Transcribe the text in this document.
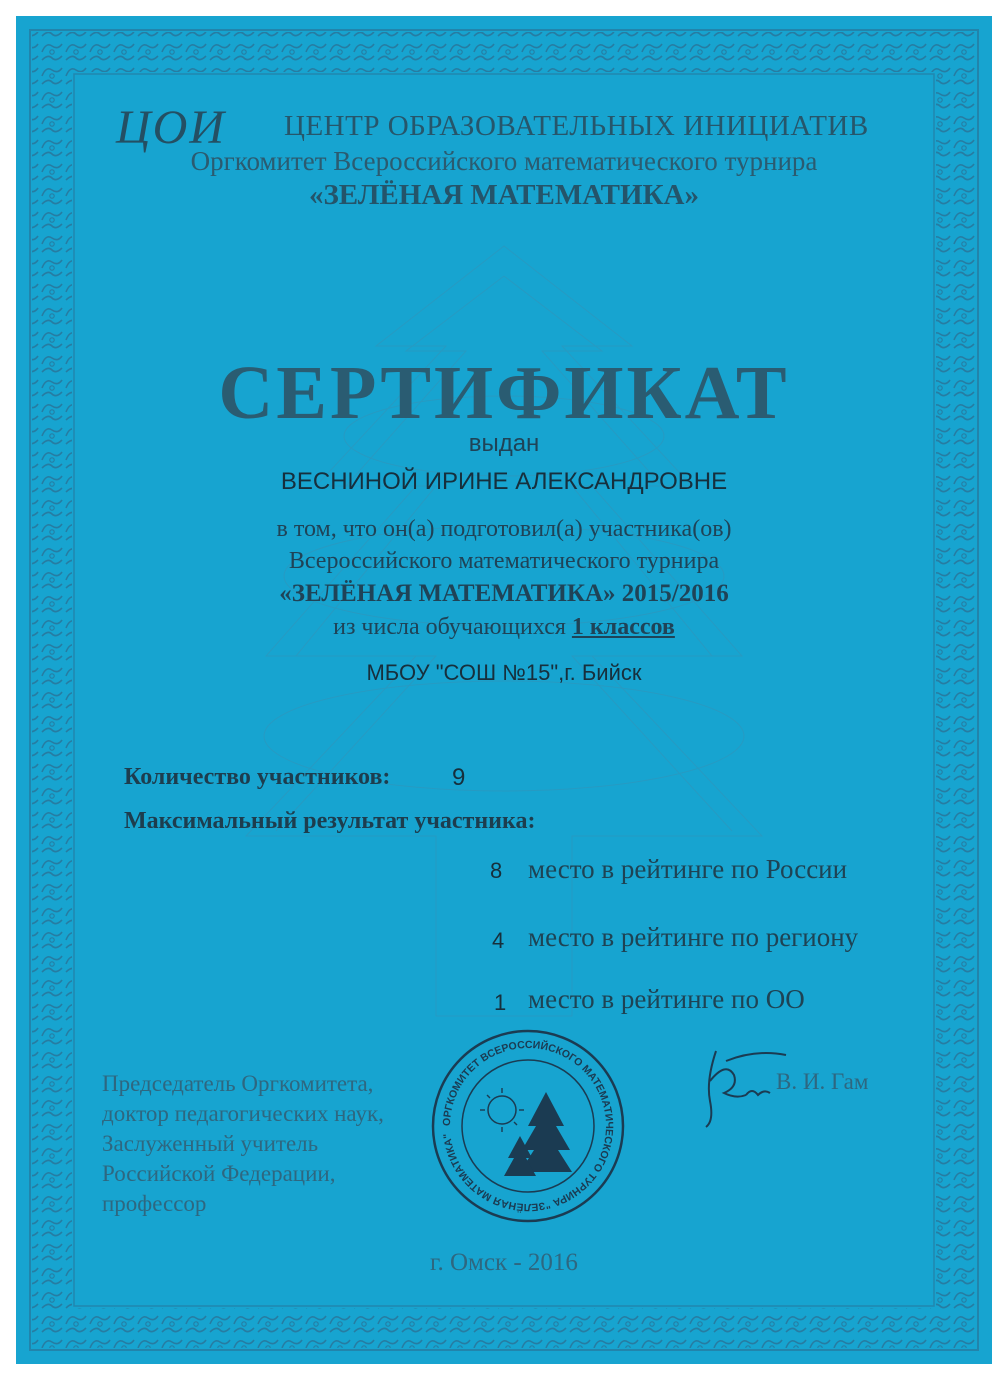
ЦОИ ЦЕНТР ОБРАЗОВАТЕЛЬНЫХ ИНИЦИАТИВ
Оргкомитет Всероссийского математического турнира
«ЗЕЛЁНАЯ МАТЕМАТИКА»
СЕРТИФИКАТ
выдан
ВЕСНИНОЙ ИРИНЕ АЛЕКСАНДРОВНЕ
в том, что он(а) подготовил(а) участника(ов)
Всероссийского математического турнира
«ЗЕЛЁНАЯ МАТЕМАТИКА» 2015/2016
из числа обучающихся 1 классов
МБОУ "СОШ №15",г. Бийск
Количество участников:	9
Максимальный результат участника:
8 место в рейтинге по России
4 место в рейтинге по региону
1 место в рейтинге по ОО
Председатель Оргкомитета,
доктор педагогических наук,
Заслуженный учитель
Российской Федерации,
профессор
В. И. Гам
ОРГКОМИТЕТ ВСЕРОССИЙСКОГО МАТЕМАТИЧЕСКОГО ТУРНИРА "ЗЕЛЁНАЯ МАТЕМАТИКА"
г. Омск - 2016
